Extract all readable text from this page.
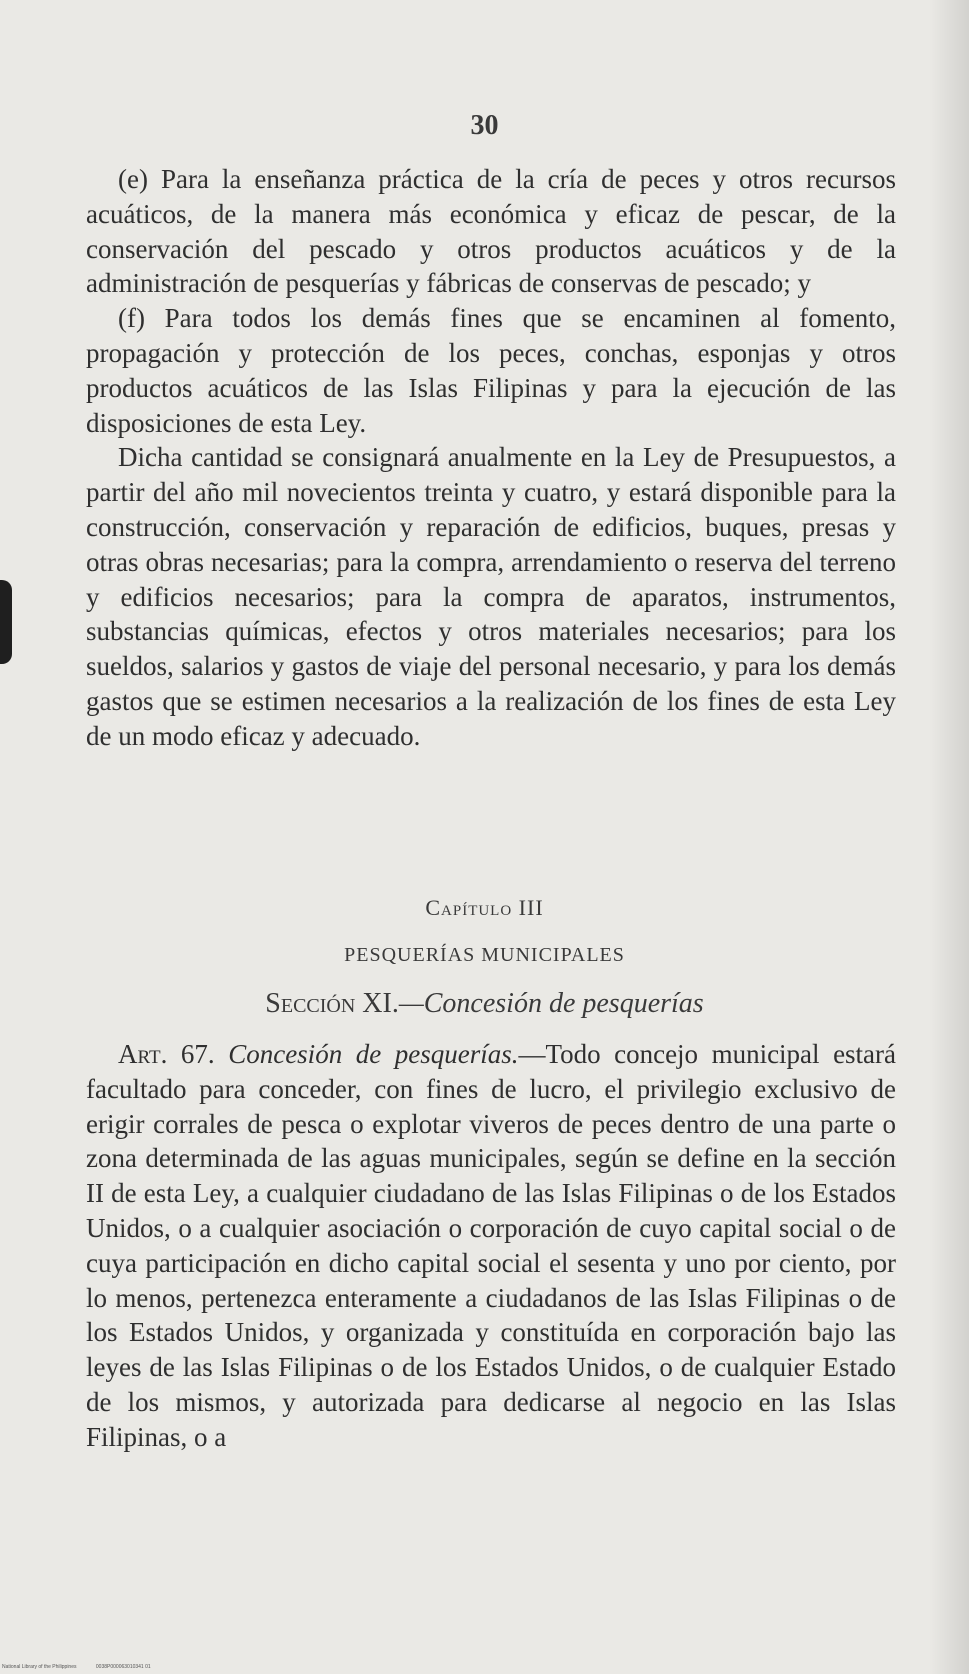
30

(e) Para la enseñanza práctica de la cría de peces y otros recursos acuáticos, de la manera más económica y eficaz de pescar, de la conservación del pescado y otros productos acuáticos y de la administración de pesquerías y fábricas de conservas de pescado; y

(f) Para todos los demás fines que se encaminen al fomento, propagación y protección de los peces, conchas, esponjas y otros productos acuáticos de las Islas Filipinas y para la ejecución de las disposiciones de esta Ley.

Dicha cantidad se consignará anualmente en la Ley de Presupuestos, a partir del año mil novecientos treinta y cuatro, y estará disponible para la construcción, conservación y reparación de edificios, buques, presas y otras obras necesarias; para la compra, arrendamiento o reserva del terreno y edificios necesarios; para la compra de aparatos, instrumentos, substancias químicas, efectos y otros materiales necesarios; para los sueldos, salarios y gastos de viaje del personal necesario, y para los demás gastos que se estimen necesarios a la realización de los fines de esta Ley de un modo eficaz y adecuado.

Capítulo III
PESQUERÍAS MUNICIPALES
Sección XI.—Concesión de pesquerías

Art. 67. Concesión de pesquerías.—Todo concejo municipal estará facultado para conceder, con fines de lucro, el privilegio exclusivo de erigir corrales de pesca o explotar viveros de peces dentro de una parte o zona determinada de las aguas municipales, según se define en la sección II de esta Ley, a cualquier ciudadano de las Islas Filipinas o de los Estados Unidos, o a cualquier asociación o corporación de cuyo capital social o de cuya participación en dicho capital social el sesenta y uno por ciento, por lo menos, pertenezca enteramente a ciudadanos de las Islas Filipinas o de los Estados Unidos, y organizada y constituída en corporación bajo las leyes de las Islas Filipinas o de los Estados Unidos, o de cualquier Estado de los mismos, y autorizada para dedicarse al negocio en las Islas Filipinas, o a

National Library of the Philippines	0038P000063010341 01
